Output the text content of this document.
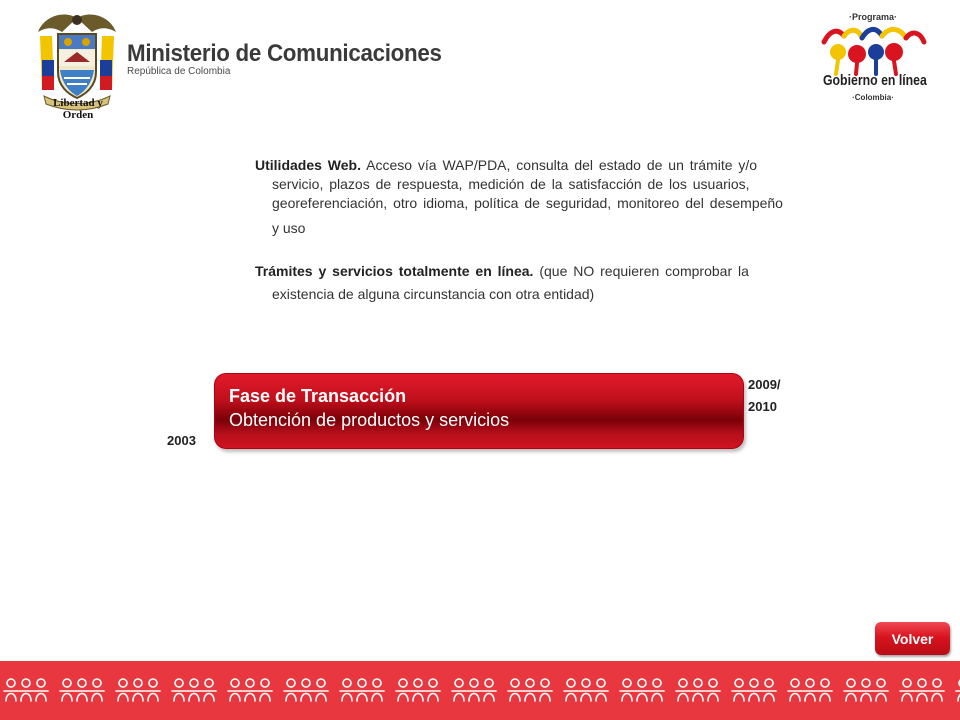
Libertad y Orden
Ministerio de Comunicaciones
República de Colombia
·Programa·
Gobierno en línea
·Colombia·
Utilidades Web. Acceso vía WAP/PDA, consulta del estado de un trámite y/o
servicio, plazos de respuesta, medición de la satisfacción de los usuarios,
georeferenciación, otro idioma, política de seguridad, monitoreo del desempeño
y uso
Trámites y servicios totalmente en línea. (que NO requieren comprobar la
existencia de alguna circunstancia con otra entidad)
Fase de Transacción
Obtención de productos y servicios
2003
2009/
2010
Volver
